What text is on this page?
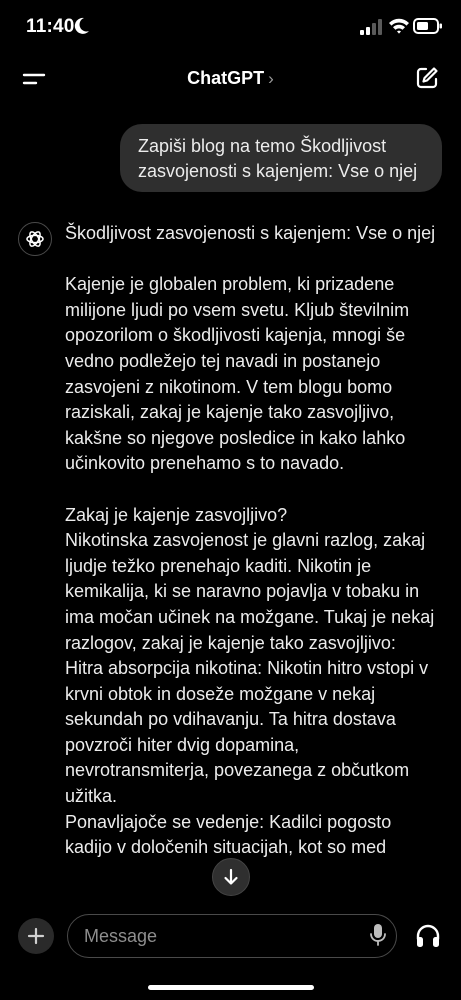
11:40
ChatGPT ›
Zapiši blog na temo Škodljivost zasvojenosti s kajenjem: Vse o njej

Škodljivost zasvojenosti s kajenjem: Vse o njej

Kajenje je globalen problem, ki prizadene milijone ljudi po vsem svetu. Kljub številnim opozorilom o škodljivosti kajenja, mnogi še vedno podležejo tej navadi in postanejo zasvojeni z nikotinom. V tem blogu bomo raziskali, zakaj je kajenje tako zasvojljivo, kakšne so njegove posledice in kako lahko učinkovito prenehamo s to navado.

Zakaj je kajenje zasvojljivo?
Nikotinska zasvojenost je glavni razlog, zakaj ljudje težko prenehajo kaditi. Nikotin je kemikalija, ki se naravno pojavlja v tobaku in ima močan učinek na možgane. Tukaj je nekaj razlogov, zakaj je kajenje tako zasvojljivo:
Hitra absorpcija nikotina: Nikotin hitro vstopi v krvni obtok in doseže možgane v nekaj sekundah po vdihavanju. Ta hitra dostava povzroči hiter dvig dopamina, nevrotransmiterja, povezanega z občutkom užitka.
Ponavljajoče se vedenje: Kadilci pogosto kadijo v določenih situacijah, kot so med

Message
